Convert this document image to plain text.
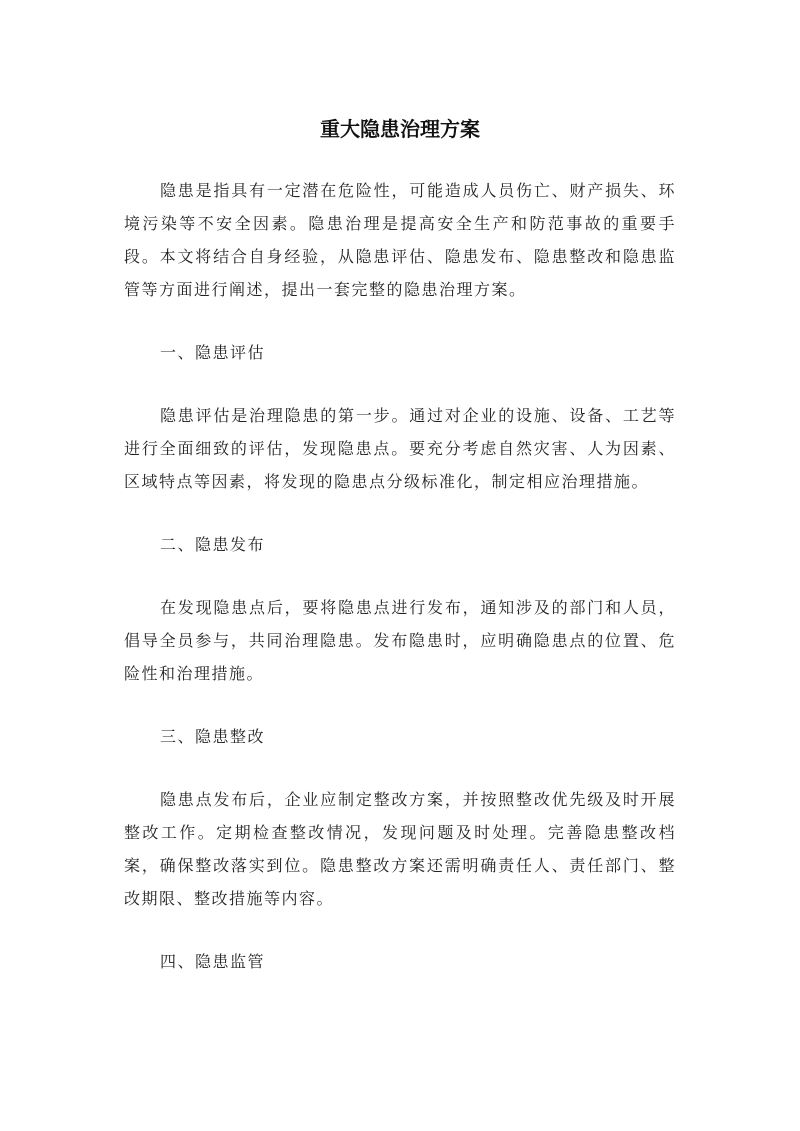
重大隐患治理方案

隐患是指具有一定潜在危险性，可能造成人员伤亡、财产损失、环境污染等不安全因素。隐患治理是提高安全生产和防范事故的重要手段。本文将结合自身经验，从隐患评估、隐患发布、隐患整改和隐患监管等方面进行阐述，提出一套完整的隐患治理方案。

一、隐患评估

隐患评估是治理隐患的第一步。通过对企业的设施、设备、工艺等进行全面细致的评估，发现隐患点。要充分考虑自然灾害、人为因素、区域特点等因素，将发现的隐患点分级标准化，制定相应治理措施。

二、隐患发布

在发现隐患点后，要将隐患点进行发布，通知涉及的部门和人员，倡导全员参与，共同治理隐患。发布隐患时，应明确隐患点的位置、危险性和治理措施。

三、隐患整改

隐患点发布后，企业应制定整改方案，并按照整改优先级及时开展整改工作。定期检查整改情况，发现问题及时处理。完善隐患整改档案，确保整改落实到位。隐患整改方案还需明确责任人、责任部门、整改期限、整改措施等内容。

四、隐患监管
